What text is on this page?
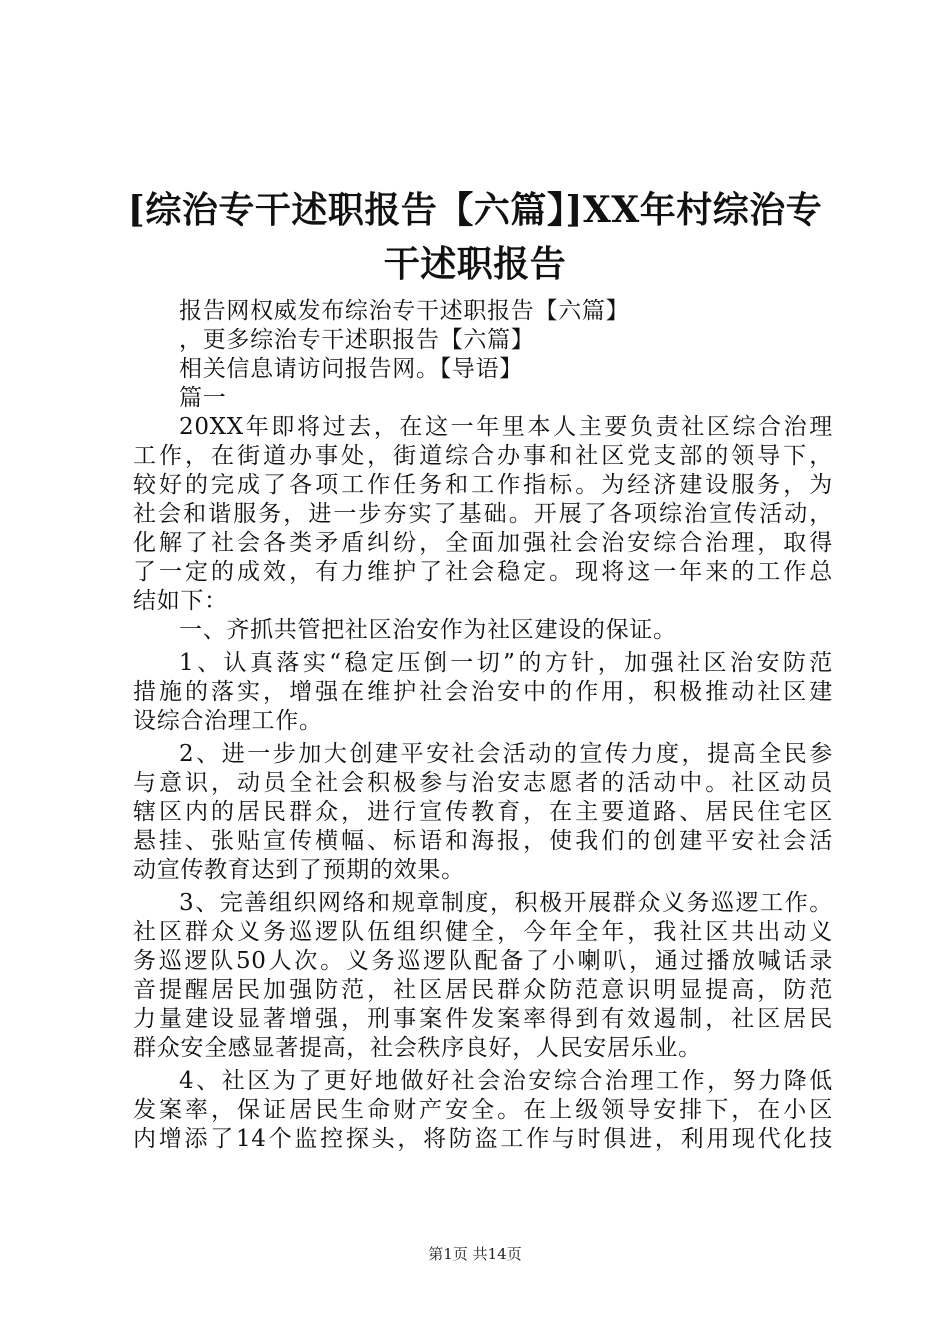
[综治专干述职报告【六篇】]XX年村综治专
干述职报告
报告网权威发布综治专干述职报告【六篇】
，更多综治专干述职报告【六篇】
相关信息请访问报告网。【导语】
篇一
20XX年即将过去，在这一年里本人主要负责社区综合治理
工作，在街道办事处，街道综合办事和社区党支部的领导下，
较好的完成了各项工作任务和工作指标。为经济建设服务，为
社会和谐服务，进一步夯实了基础。开展了各项综治宣传活动，
化解了社会各类矛盾纠纷，全面加强社会治安综合治理，取得
了一定的成效，有力维护了社会稳定。现将这一年来的工作总
结如下：
一、齐抓共管把社区治安作为社区建设的保证。
1、认真落实“稳定压倒一切”的方针，加强社区治安防范
措施的落实，增强在维护社会治安中的作用，积极推动社区建
设综合治理工作。
2、进一步加大创建平安社会活动的宣传力度，提高全民参
与意识，动员全社会积极参与治安志愿者的活动中。社区动员
辖区内的居民群众，进行宣传教育，在主要道路、居民住宅区
悬挂、张贴宣传横幅、标语和海报，使我们的创建平安社会活
动宣传教育达到了预期的效果。
3、完善组织网络和规章制度，积极开展群众义务巡逻工作。
社区群众义务巡逻队伍组织健全，今年全年，我社区共出动义
务巡逻队50人次。义务巡逻队配备了小喇叭，通过播放喊话录
音提醒居民加强防范，社区居民群众防范意识明显提高，防范
力量建设显著增强，刑事案件发案率得到有效遏制，社区居民
群众安全感显著提高，社会秩序良好，人民安居乐业。
4、社区为了更好地做好社会治安综合治理工作，努力降低
发案率，保证居民生命财产安全。在上级领导安排下，在小区
内增添了14个监控探头，将防盗工作与时俱进，利用现代化技
第1页 共14页
